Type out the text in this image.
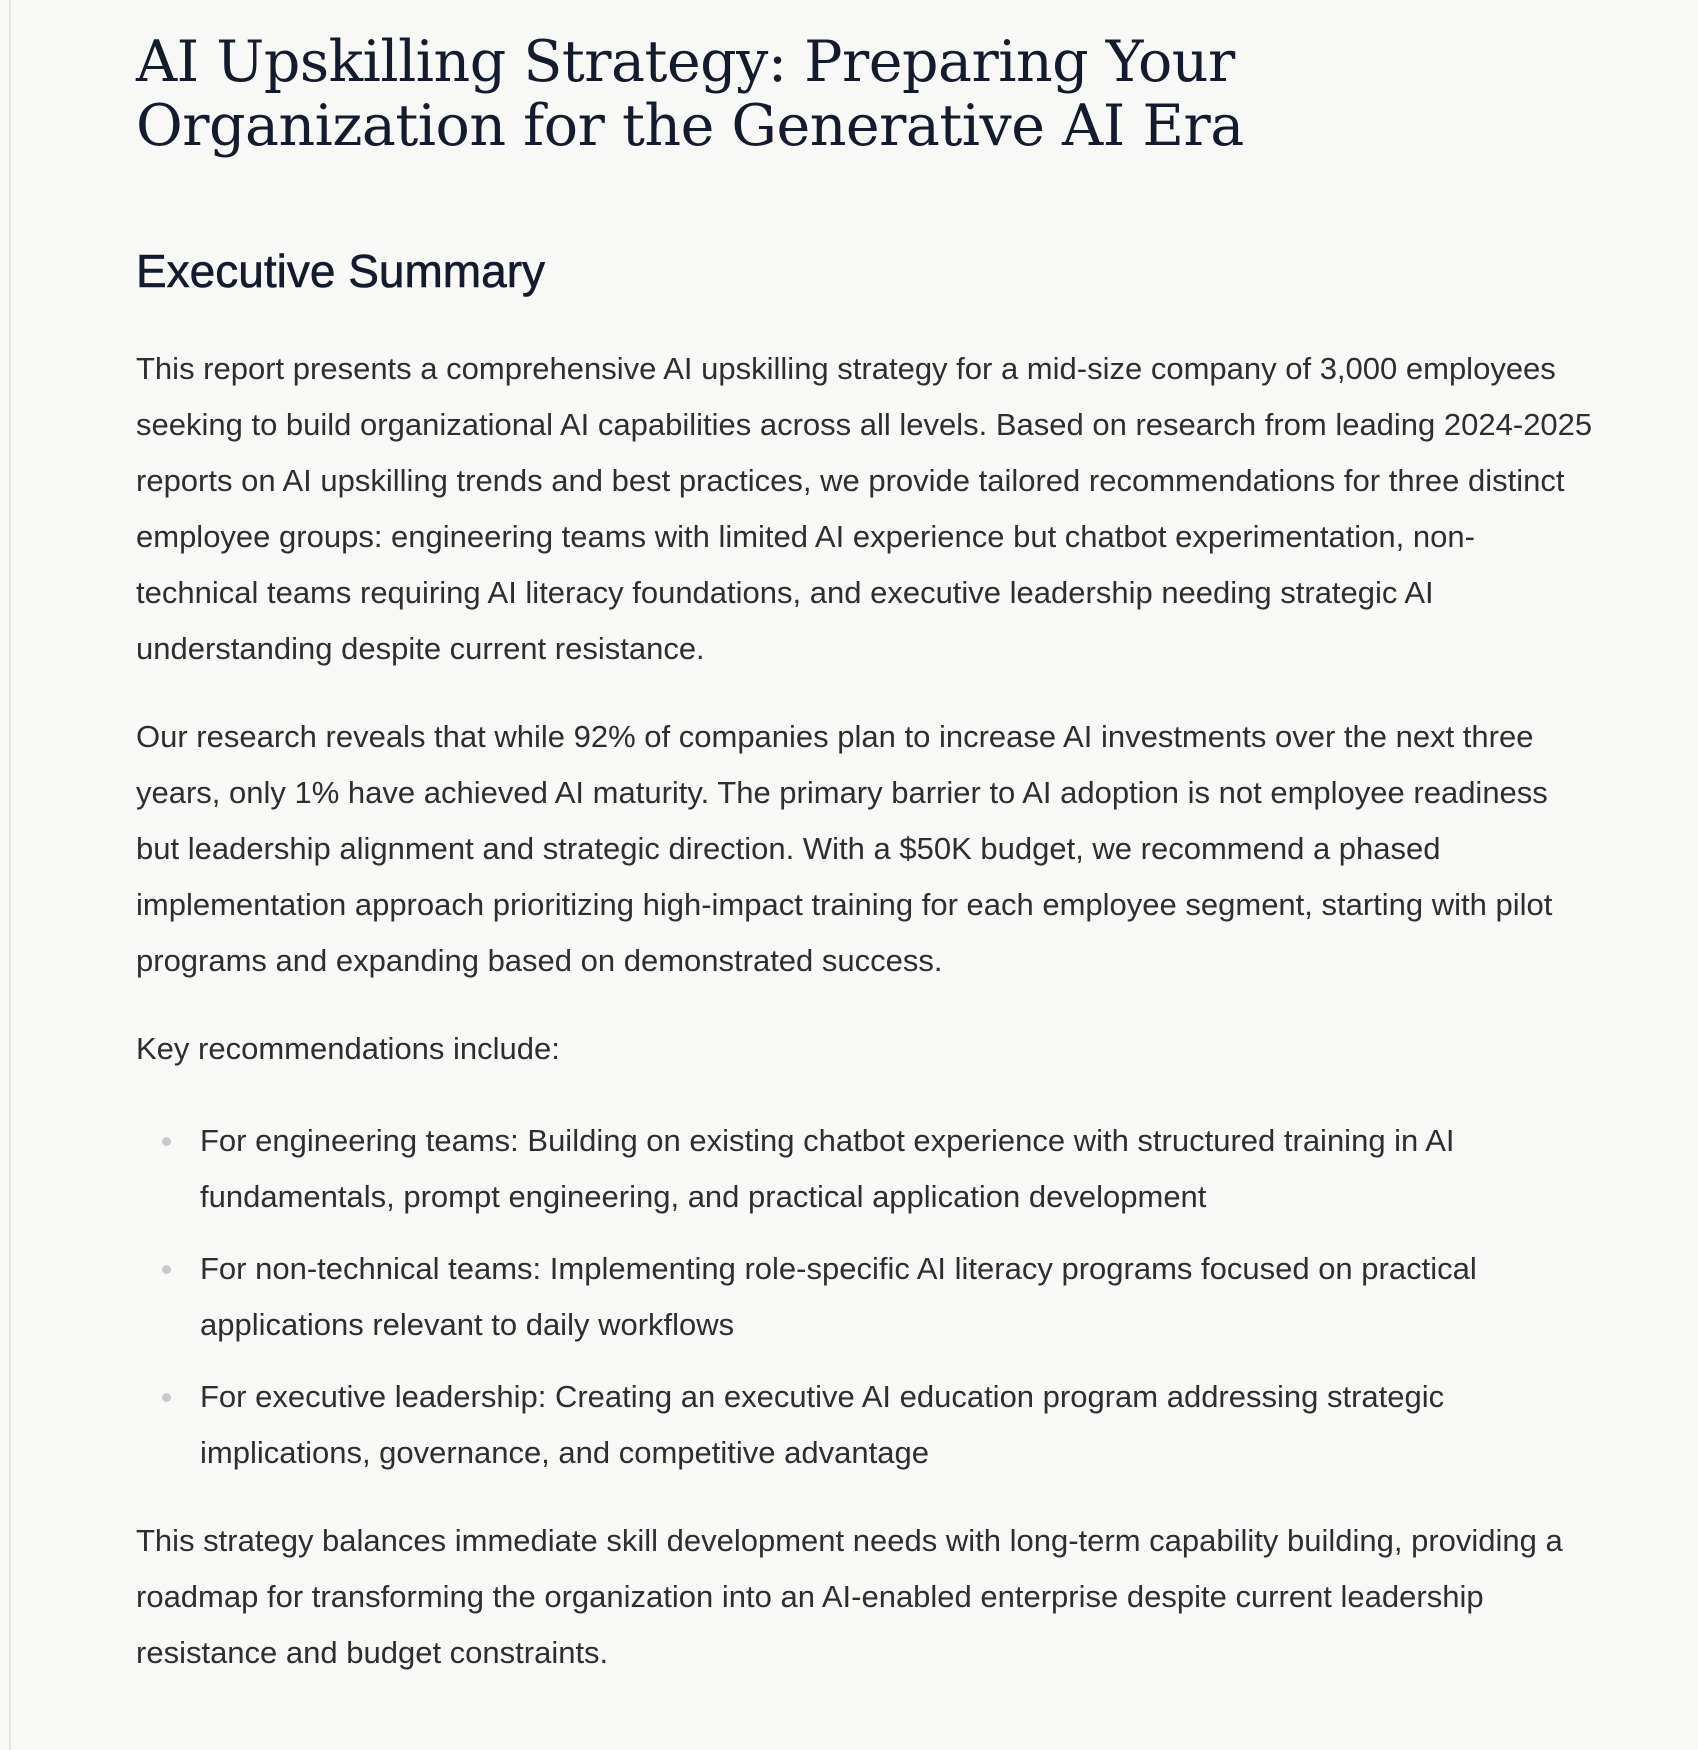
AI Upskilling Strategy: Preparing Your Organization for the Generative AI Era
Executive Summary

This report presents a comprehensive AI upskilling strategy for a mid-size company of 3,000 employees seeking to build organizational AI capabilities across all levels. Based on research from leading 2024-2025 reports on AI upskilling trends and best practices, we provide tailored recommendations for three distinct employee groups: engineering teams with limited AI experience but chatbot experimentation, non-technical teams requiring AI literacy foundations, and executive leadership needing strategic AI understanding despite current resistance.

Our research reveals that while 92% of companies plan to increase AI investments over the next three years, only 1% have achieved AI maturity. The primary barrier to AI adoption is not employee readiness but leadership alignment and strategic direction. With a $50K budget, we recommend a phased implementation approach prioritizing high-impact training for each employee segment, starting with pilot programs and expanding based on demonstrated success.

Key recommendations include:

For engineering teams: Building on existing chatbot experience with structured training in AI fundamentals, prompt engineering, and practical application development
For non-technical teams: Implementing role-specific AI literacy programs focused on practical applications relevant to daily workflows
For executive leadership: Creating an executive AI education program addressing strategic implications, governance, and competitive advantage

This strategy balances immediate skill development needs with long-term capability building, providing a roadmap for transforming the organization into an AI-enabled enterprise despite current leadership resistance and budget constraints.
